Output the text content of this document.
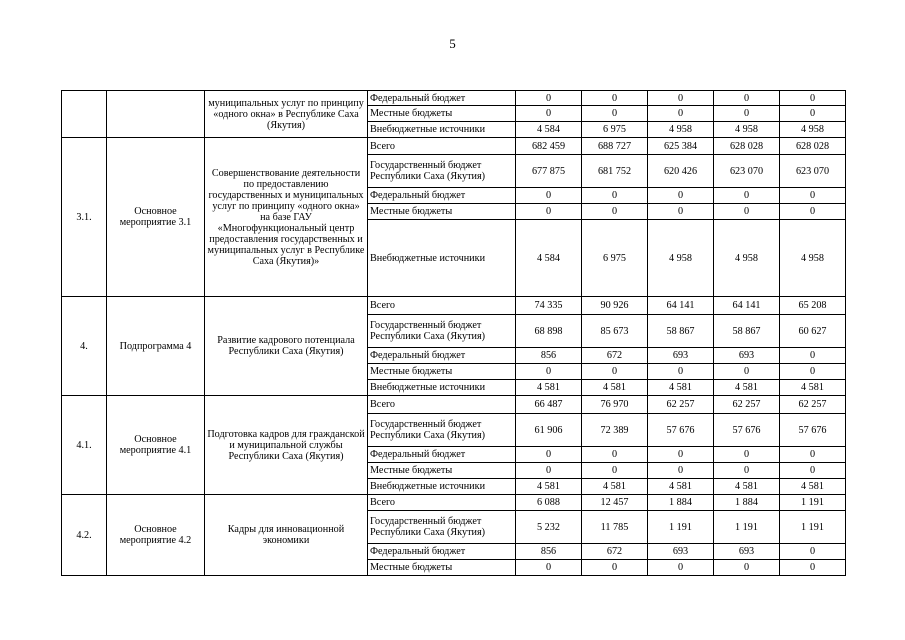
5
		муниципальных услуг по принципу «одного окна» в Республике Саха (Якутия)	Федеральный бюджет	0	0	0	0	0
			Местные бюджеты	0	0	0	0	0
			Внебюджетные источники	4 584	6 975	4 958	4 958	4 958
3.1.	Основное мероприятие 3.1	Совершенствование деятельности по предоставлению государственных и муниципальных услуг по принципу «одного окна» на базе ГАУ «Многофункциональный центр предоставления государственных и муниципальных услуг в Республике Саха (Якутия)»	Всего	682 459	688 727	625 384	628 028	628 028
			Государственный бюджет Республики Саха (Якутия)	677 875	681 752	620 426	623 070	623 070
			Федеральный бюджет	0	0	0	0	0
			Местные бюджеты	0	0	0	0	0
			Внебюджетные источники	4 584	6 975	4 958	4 958	4 958
4.	Подпрограмма 4	Развитие кадрового потенциала Республики Саха (Якутия)	Всего	74 335	90 926	64 141	64 141	65 208
			Государственный бюджет Республики Саха (Якутия)	68 898	85 673	58 867	58 867	60 627
			Федеральный бюджет	856	672	693	693	0
			Местные бюджеты	0	0	0	0	0
			Внебюджетные источники	4 581	4 581	4 581	4 581	4 581
4.1.	Основное мероприятие 4.1	Подготовка кадров для гражданской и муниципальной службы Республики Саха (Якутия)	Всего	66 487	76 970	62 257	62 257	62 257
			Государственный бюджет Республики Саха (Якутия)	61 906	72 389	57 676	57 676	57 676
			Федеральный бюджет	0	0	0	0	0
			Местные бюджеты	0	0	0	0	0
			Внебюджетные источники	4 581	4 581	4 581	4 581	4 581
4.2.	Основное мероприятие 4.2	Кадры для инновационной экономики	Всего	6 088	12 457	1 884	1 884	1 191
			Государственный бюджет Республики Саха (Якутия)	5 232	11 785	1 191	1 191	1 191
			Федеральный бюджет	856	672	693	693	0
			Местные бюджеты	0	0	0	0	0
